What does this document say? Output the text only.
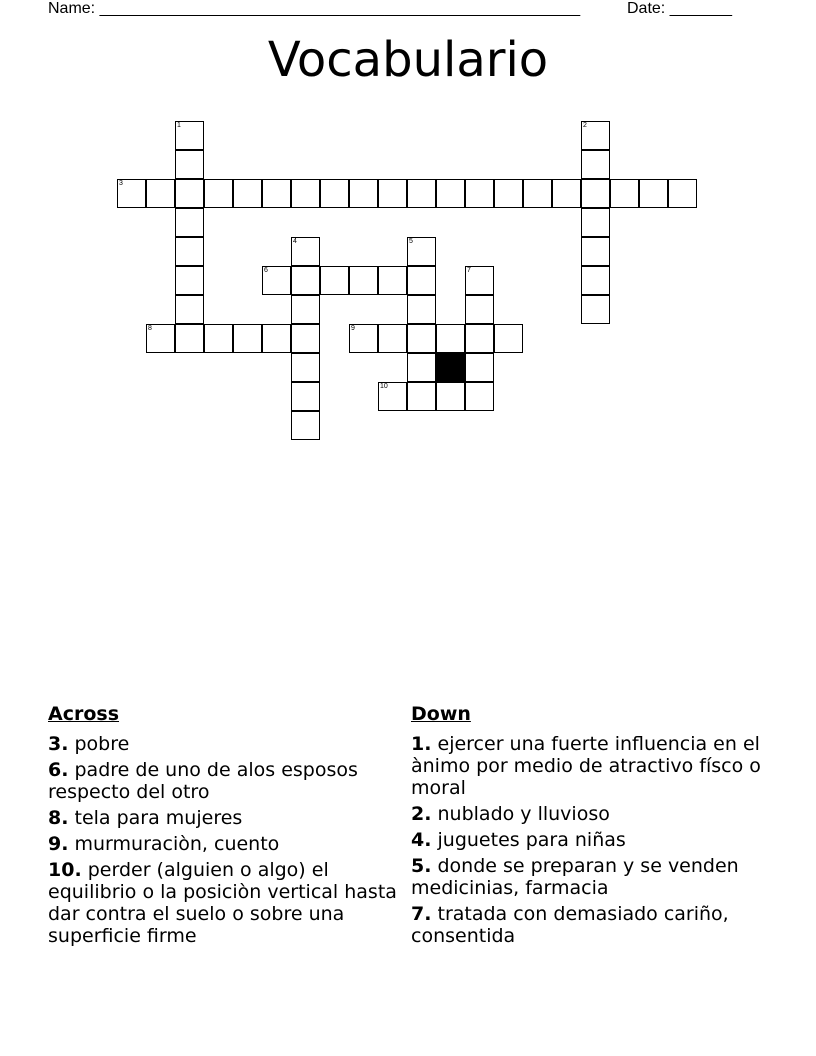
Name: ______________________________________________________	Date: _______
Vocabulario
1	2
3
4	5
6	7
8	9
10
Across
3. pobre
6. padre de uno de alos esposos respecto del otro
8. tela para mujeres
9. murmuraciòn, cuento
10. perder (alguien o algo) el equilibrio o la posiciòn vertical hasta dar contra el suelo o sobre una superficie firme
Down
1. ejercer una fuerte influencia en el ànimo por medio de atractivo físco o moral
2. nublado y lluvioso
4. juguetes para niñas
5. donde se preparan y se venden medicinias, farmacia
7. tratada con demasiado cariño, consentida
